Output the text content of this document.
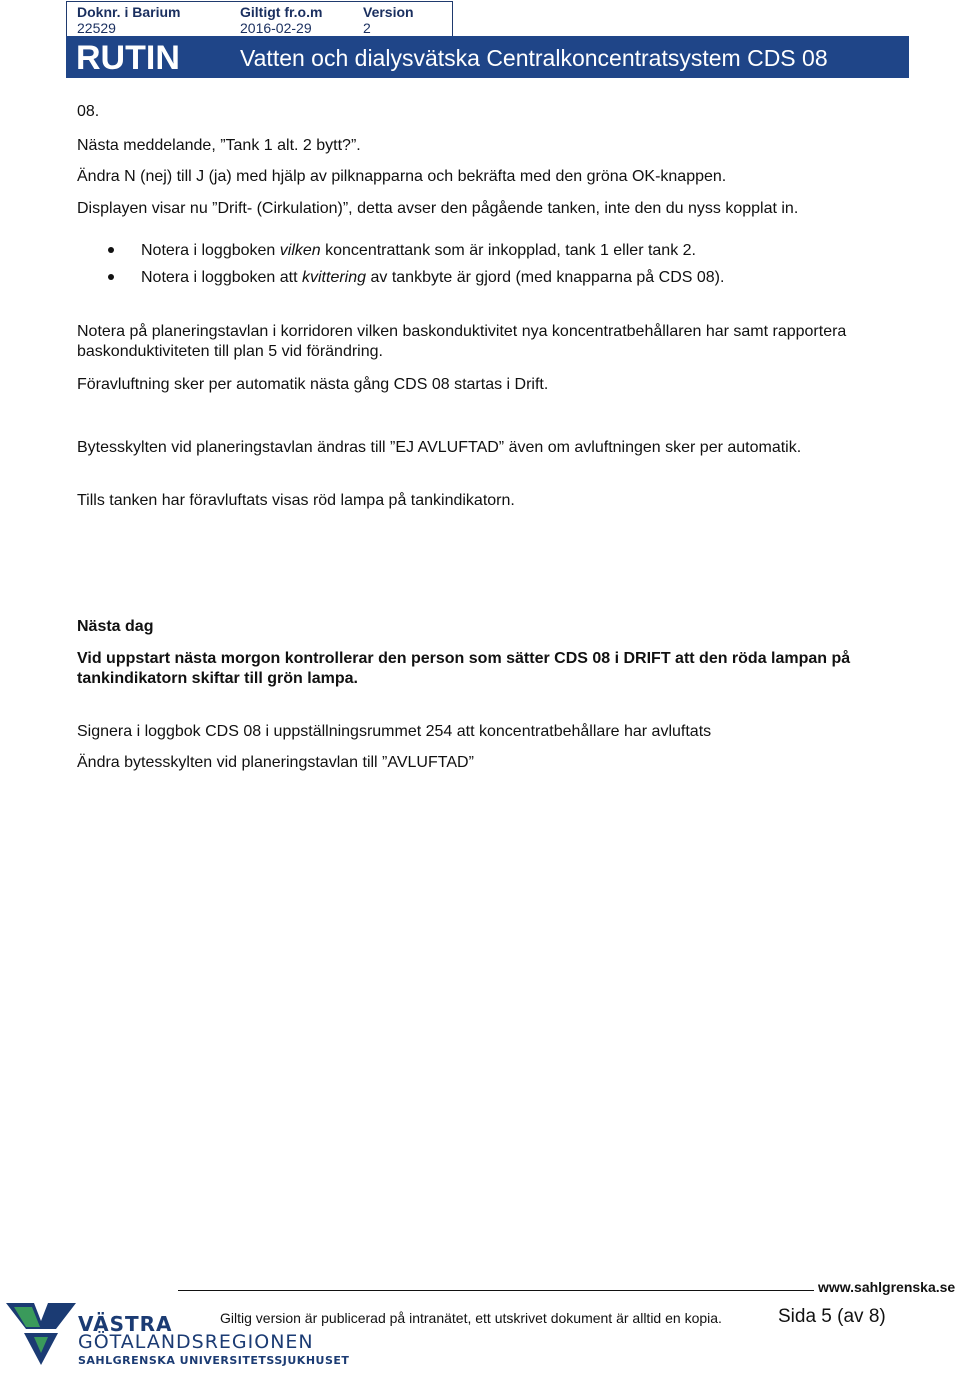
Doknr. i Barium
22529
Giltigt fr.o.m
2016-02-29
Version
2
RUTIN	Vatten och dialysvätska Centralkoncentratsystem CDS 08
08.
Nästa meddelande, ”Tank 1 alt. 2 bytt?”.
Ändra N (nej) till J (ja) med hjälp av pilknapparna och bekräfta med den gröna OK-knappen.
Displayen visar nu ”Drift- (Cirkulation)”, detta avser den pågående tanken, inte den du nyss kopplat in.
Notera i loggboken vilken koncentrattank som är inkopplad, tank 1 eller tank 2.
Notera i loggboken att kvittering av tankbyte är gjord (med knapparna på CDS 08).
Notera på planeringstavlan i korridoren vilken baskonduktivitet nya koncentratbehållaren har samt rapportera baskonduktiviteten till plan 5 vid förändring.
Föravluftning sker per automatik nästa gång CDS 08 startas i Drift.
Bytesskylten vid planeringstavlan ändras till ”EJ AVLUFTAD” även om avluftningen sker per automatik.
Tills tanken har föravluftats visas röd lampa på tankindikatorn.
Nästa dag
Vid uppstart nästa morgon kontrollerar den person som sätter CDS 08 i DRIFT att den röda lampan på tankindikatorn skiftar till grön lampa.
Signera i loggbok CDS 08 i uppställningsrummet 254 att koncentratbehållare har avluftats
Ändra bytesskylten vid planeringstavlan till ”AVLUFTAD”
www.sahlgrenska.se
Giltig version är publicerad på intranätet, ett utskrivet dokument är alltid en kopia.	Sida 5 (av 8)
VÄSTRA
GÖTALANDSREGIONEN
SAHLGRENSKA UNIVERSITETSSJUKHUSET
